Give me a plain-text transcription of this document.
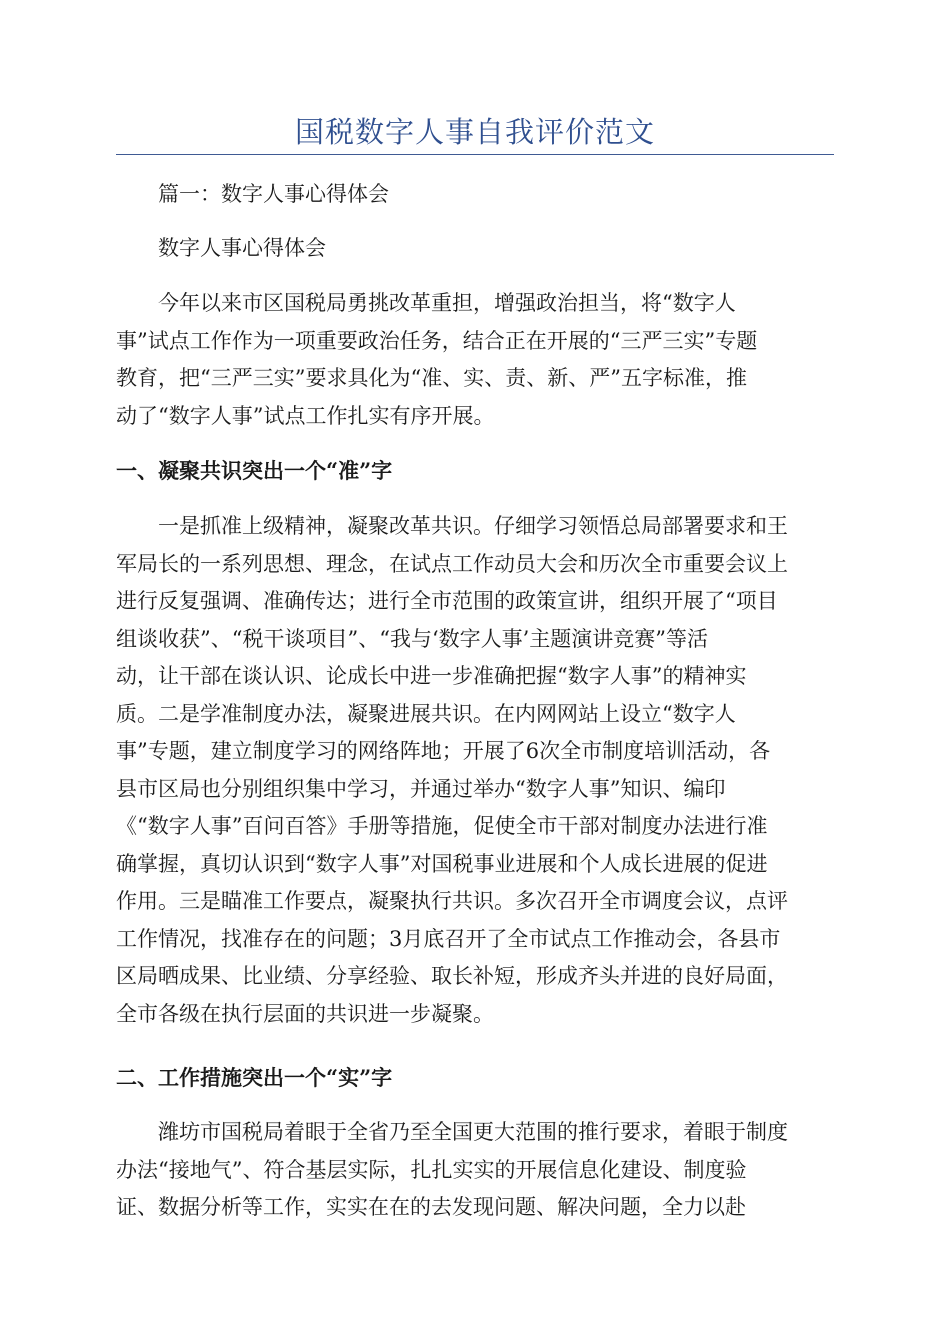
国税数字人事自我评价范文
篇一：数字人事心得体会
数字人事心得体会
今年以来市区国税局勇挑改革重担，增强政治担当，将“数字人
事”试点工作作为一项重要政治任务，结合正在开展的“三严三实”专题
教育，把“三严三实”要求具化为“准、实、责、新、严”五字标准，推
动了“数字人事”试点工作扎实有序开展。
一、凝聚共识突出一个“准”字
一是抓准上级精神，凝聚改革共识。仔细学习领悟总局部署要求和王
军局长的一系列思想、理念，在试点工作动员大会和历次全市重要会议上
进行反复强调、准确传达；进行全市范围的政策宣讲，组织开展了“项目
组谈收获”、“税干谈项目”、“我与‘数字人事’主题演讲竞赛”等活
动，让干部在谈认识、论成长中进一步准确把握“数字人事”的精神实
质。二是学准制度办法，凝聚进展共识。在内网网站上设立“数字人
事”专题，建立制度学习的网络阵地；开展了6次全市制度培训活动，各
县市区局也分别组织集中学习，并通过举办“数字人事”知识、编印
《“数字人事”百问百答》手册等措施，促使全市干部对制度办法进行准
确掌握，真切认识到“数字人事”对国税事业进展和个人成长进展的促进
作用。三是瞄准工作要点，凝聚执行共识。多次召开全市调度会议，点评
工作情况，找准存在的问题；3月底召开了全市试点工作推动会，各县市
区局晒成果、比业绩、分享经验、取长补短，形成齐头并进的良好局面，
全市各级在执行层面的共识进一步凝聚。
二、工作措施突出一个“实”字
潍坊市国税局着眼于全省乃至全国更大范围的推行要求，着眼于制度
办法“接地气”、符合基层实际，扎扎实实的开展信息化建设、制度验
证、数据分析等工作，实实在在的去发现问题、解决问题，全力以赴
